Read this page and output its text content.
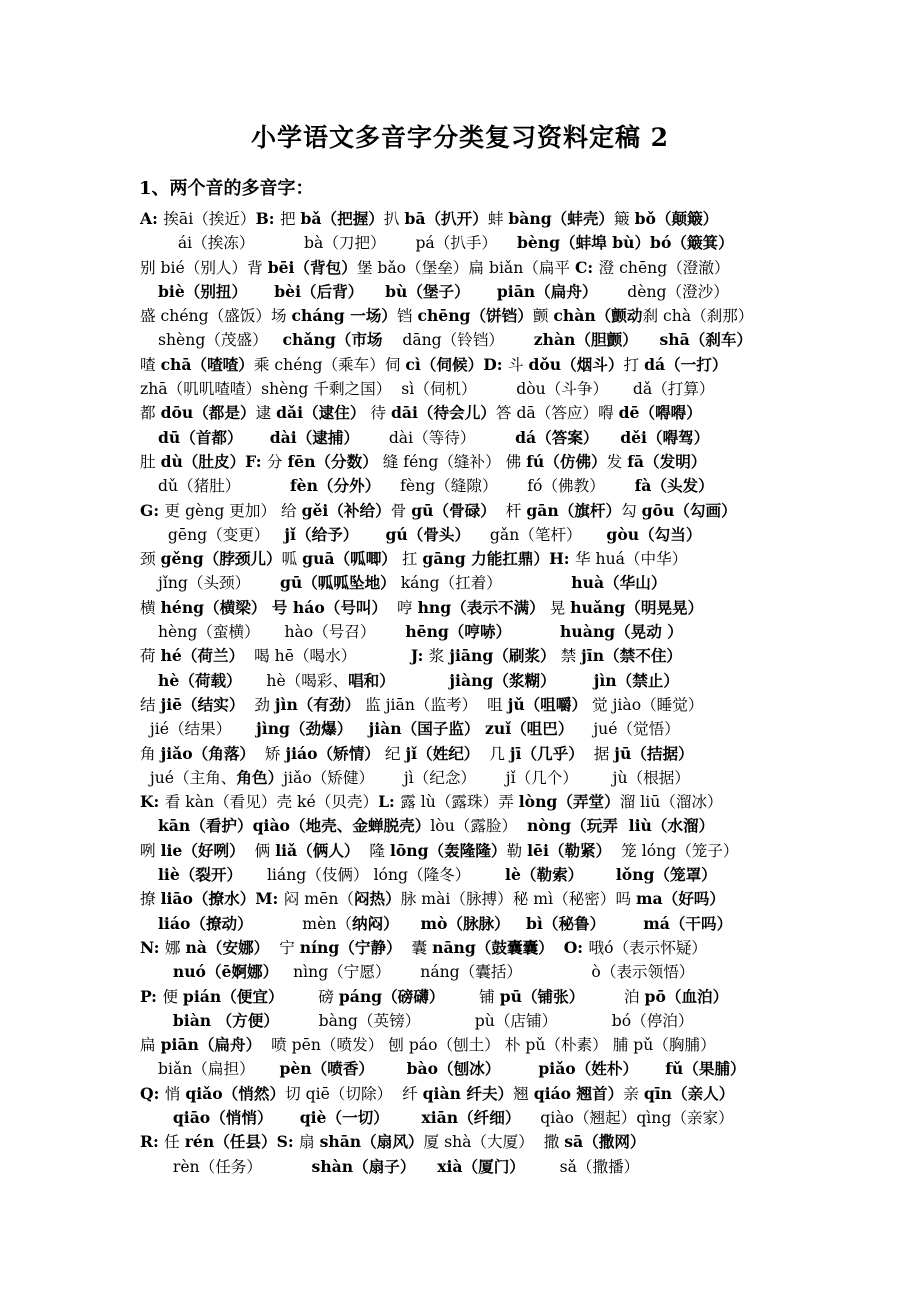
小学语文多音字分类复习资料定稿 2
1、两个音的多音字：
A: 挨āi（挨近）B: 把 bǎ（把握）扒 bā（扒开）蚌 bàng（蚌壳）簸 bǒ（颠簸）
ái（挨冻）          bà（刀把）      pá（扒手）    bèng（蚌埠 bù）bó（簸箕）
别 bié（别人）背 bēi（背包）堡 bǎo（堡垒）扁 biǎn（扁平 C: 澄 chēng（澄澈）
biè（别扭）     bèi（后背）    bù（堡子）     piān（扁舟）      dèng（澄沙）
盛 chéng（盛饭）场 cháng 一场）铛 chēng（饼铛）颤 chàn（颤动刹 chà（刹那）
shèng（茂盛）   chǎng（市场    dāng（铃铛）      zhàn（胆颤）    shā（刹车）
喳 chā（喳喳）乘 chéng（乘车）伺 cì（伺候）D: 斗 dǒu（烟斗）打 dá（一打）
zhā（叽叽喳喳）shèng 千剩之国）  sì（伺机）        dòu（斗争）     dǎ（打算）
都 dōu（都是）逮 dǎi（逮住） 待 dāi（待会儿）答 dā（答应）嘚 dē（嘚嘚）
dū（首都）     dài（逮捕）      dài（等待）        dá（答案）    děi（嘚驾）
肚 dù（肚皮）F: 分 fēn（分数） 缝 féng（缝补） 佛 fú（仿佛）发 fā（发明）
dǔ（猪肚）          fèn（分外）    fèng（缝隙）      fó（佛教）      fà（头发）
G: 更 gèng 更加） 给 gěi（补给）骨 gū（骨碌）  杆 gān（旗杆）勾 gōu（勾画）
gēng（变更）   jǐ（给予）     gú（骨头）    gǎn（笔杆）     gòu（勾当）
颈 gěng（脖颈儿）呱 guā（呱唧） 扛 gāng 力能扛鼎）H: 华 huá（中华）
jǐng（头颈）      gū（呱呱坠地） káng（扛着）              huà（华山）
横 héng（横梁） 号 háo（号叫）  哼 hng（表示不满） 晃 huǎng（明晃晃）
hèng（蛮横）     hào（号召）      hēng（哼哧）         huàng（晃动 ）
荷 hé（荷兰）  喝 hē（喝水）           J: 浆 jiāng（刷浆） 禁 jīn（禁不住）
hè（荷载）     hè（喝彩、唱和）	jiàng（浆糊）       jìn（禁止）
结 jiē（结实）  劲 jìn（有劲） 监 jiān（监考）  咀 jǔ（咀嚼） 觉 jiào（睡觉）
jié（结果）     jìng（劲爆）   jiàn（国子监） zuǐ（咀巴）    jué（觉悟）
角 jiǎo（角落）  矫 jiáo（矫情） 纪 jǐ（姓纪）  几 jī（几乎）  据 jū（拮据）
jué（主角、角色）jiǎo（矫健）      jì（纪念）      jǐ（几个）       jù（根据）
K: 看 kàn（看见）壳 ké（贝壳）L: 露 lù（露珠）弄 lòng（弄堂）溜 liū（溜冰）
kān（看护）qiào（地壳、金蝉脱壳）lòu（露脸）  nòng（玩弄  liù（水溜）
咧 lie（好咧）  俩 liǎ（俩人）  隆 lōng（轰隆隆）勒 lēi（勒紧）  笼 lóng（笼子）
liè（裂开）     liáng（伎俩） lóng（隆冬）       lè（勒索）      lǒng（笼罩）
撩 liāo（撩水）M: 闷 mēn（闷热）脉 mài（脉搏）秘 mì（秘密）吗 ma（好吗）
liáo（撩动）          mèn（纳闷）    mò（脉脉）   bì（秘鲁）       má（干吗）
N: 娜 nà（安娜）  宁 níng（宁静）  囊 nāng（鼓囊囊） O: 哦ó（表示怀疑）
nuó（ē婀娜）   nìng（宁愿）      náng（囊括）              ò（表示领悟）
P: 便 pián（便宜）       磅 páng（磅礴）       铺 pū（铺张）        泊 pō（血泊）
biàn （方便）        bàng（英镑）           pù（店铺）           bó（停泊）
扁 piān（扁舟）  喷 pēn（喷发） 刨 páo（刨土） 朴 pǔ（朴素） 脯 pǔ（胸脯）
biǎn（扁担）     pèn（喷香）      bào（刨冰）       piǎo（姓朴）     fǔ（果脯）
Q: 悄 qiǎo（悄然）切 qiē（切除）  纤 qiàn 纤夫）翘 qiáo 翘首）亲 qīn（亲人）
qiāo（悄悄）     qiè（一切）      xiān（纤细）    qiào（翘起）qìng（亲家）
R: 任 rén（任县）S: 扇 shān（扇风）厦 shà（大厦）  撒 sā（撒网）
rèn（任务）          shàn（扇子）    xià（厦门）       sǎ（撒播）
